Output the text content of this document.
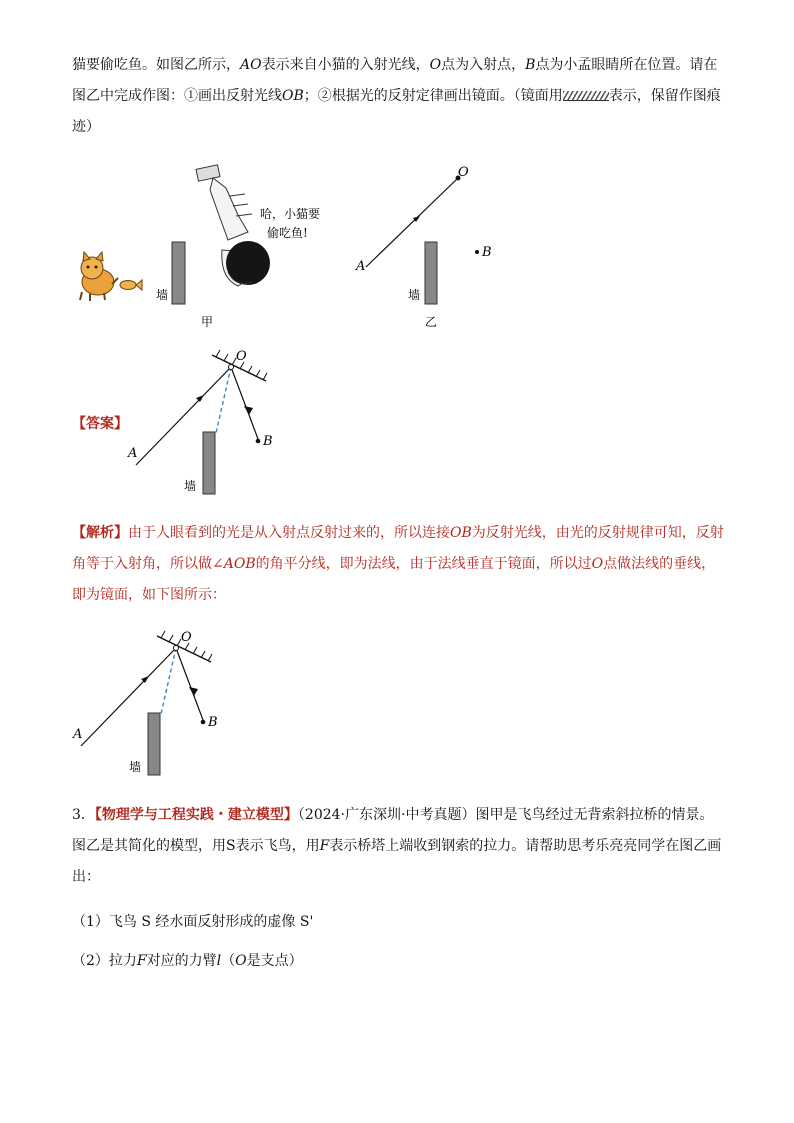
猫要偷吃鱼。如图乙所示，AO表示来自小猫的入射光线，O点为入射点，B点为小孟眼睛所在位置。请在图乙中完成作图：①画出反射光线OB；②根据光的反射定律画出镜面。（镜面用	表示，保留作图痕迹）

墙
哈，小猫要
偷吃鱼!
甲
O
A
B
墙
乙
【答案】
O
A
B
墙

【解析】由于人眼看到的光是从入射点反射过来的，所以连接OB为反射光线，由光的反射规律可知，反射角等于入射角，所以做∠AOB的角平分线，即为法线，由于法线垂直于镜面，所以过O点做法线的垂线，即为镜面，如下图所示：

O
A
B
墙

3．【物理学与工程实践・建立模型】（2024·广东深圳·中考真题）图甲是飞鸟经过无背索斜拉桥的情景。图乙是其简化的模型，用S表示飞鸟，用F表示桥塔上端收到钢索的拉力。请帮助思考乐亮亮同学在图乙画出：

（1）飞鸟 S 经水面反射形成的虚像 S'
（2）拉力F对应的力臂l（O是支点）
